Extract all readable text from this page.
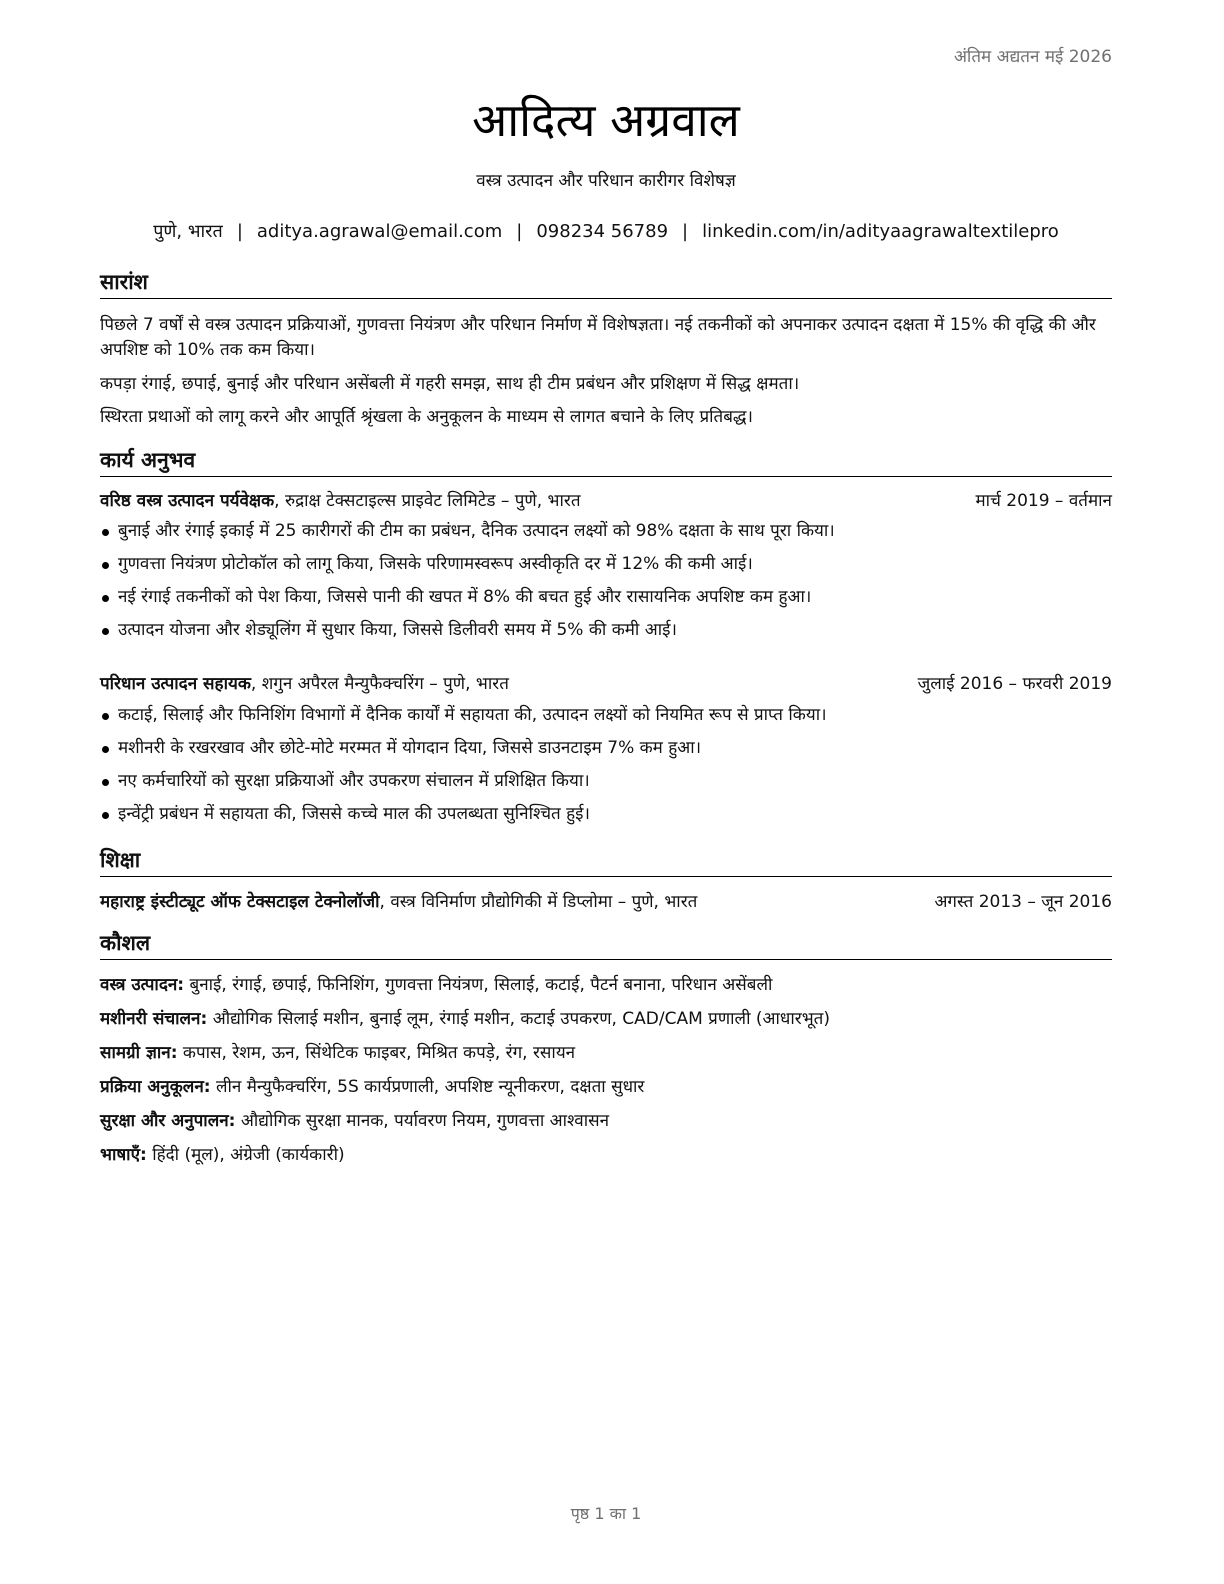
अंतिम अद्यतन मई 2026
आदित्य अग्रवाल
वस्त्र उत्पादन और परिधान कारीगर विशेषज्ञ
पुणे, भारत | aditya.agrawal@email.com | 098234 56789 | linkedin.com/in/adityaagrawaltextilepro
सारांश
पिछले 7 वर्षों से वस्त्र उत्पादन प्रक्रियाओं, गुणवत्ता नियंत्रण और परिधान निर्माण में विशेषज्ञता। नई तकनीकों को अपनाकर उत्पादन दक्षता में 15% की वृद्धि की और अपशिष्ट को 10% तक कम किया।
कपड़ा रंगाई, छपाई, बुनाई और परिधान असेंबली में गहरी समझ, साथ ही टीम प्रबंधन और प्रशिक्षण में सिद्ध क्षमता।
स्थिरता प्रथाओं को लागू करने और आपूर्ति श्रृंखला के अनुकूलन के माध्यम से लागत बचाने के लिए प्रतिबद्ध।
कार्य अनुभव
वरिष्ठ वस्त्र उत्पादन पर्यवेक्षक, रुद्राक्ष टेक्सटाइल्स प्राइवेट लिमिटेड – पुणे, भारत	मार्च 2019 – वर्तमान
बुनाई और रंगाई इकाई में 25 कारीगरों की टीम का प्रबंधन, दैनिक उत्पादन लक्ष्यों को 98% दक्षता के साथ पूरा किया।
गुणवत्ता नियंत्रण प्रोटोकॉल को लागू किया, जिसके परिणामस्वरूप अस्वीकृति दर में 12% की कमी आई।
नई रंगाई तकनीकों को पेश किया, जिससे पानी की खपत में 8% की बचत हुई और रासायनिक अपशिष्ट कम हुआ।
उत्पादन योजना और शेड्यूलिंग में सुधार किया, जिससे डिलीवरी समय में 5% की कमी आई।
परिधान उत्पादन सहायक, शगुन अपैरल मैन्युफैक्चरिंग – पुणे, भारत	जुलाई 2016 – फरवरी 2019
कटाई, सिलाई और फिनिशिंग विभागों में दैनिक कार्यों में सहायता की, उत्पादन लक्ष्यों को नियमित रूप से प्राप्त किया।
मशीनरी के रखरखाव और छोटे-मोटे मरम्मत में योगदान दिया, जिससे डाउनटाइम 7% कम हुआ।
नए कर्मचारियों को सुरक्षा प्रक्रियाओं और उपकरण संचालन में प्रशिक्षित किया।
इन्वेंट्री प्रबंधन में सहायता की, जिससे कच्चे माल की उपलब्धता सुनिश्चित हुई।
शिक्षा
महाराष्ट्र इंस्टीट्यूट ऑफ टेक्सटाइल टेक्नोलॉजी, वस्त्र विनिर्माण प्रौद्योगिकी में डिप्लोमा – पुणे, भारत	अगस्त 2013 – जून 2016
कौशल
वस्त्र उत्पादन: बुनाई, रंगाई, छपाई, फिनिशिंग, गुणवत्ता नियंत्रण, सिलाई, कटाई, पैटर्न बनाना, परिधान असेंबली
मशीनरी संचालन: औद्योगिक सिलाई मशीन, बुनाई लूम, रंगाई मशीन, कटाई उपकरण, CAD/CAM प्रणाली (आधारभूत)
सामग्री ज्ञान: कपास, रेशम, ऊन, सिंथेटिक फाइबर, मिश्रित कपड़े, रंग, रसायन
प्रक्रिया अनुकूलन: लीन मैन्युफैक्चरिंग, 5S कार्यप्रणाली, अपशिष्ट न्यूनीकरण, दक्षता सुधार
सुरक्षा और अनुपालन: औद्योगिक सुरक्षा मानक, पर्यावरण नियम, गुणवत्ता आश्वासन
भाषाएँ: हिंदी (मूल), अंग्रेजी (कार्यकारी)
पृष्ठ 1 का 1
